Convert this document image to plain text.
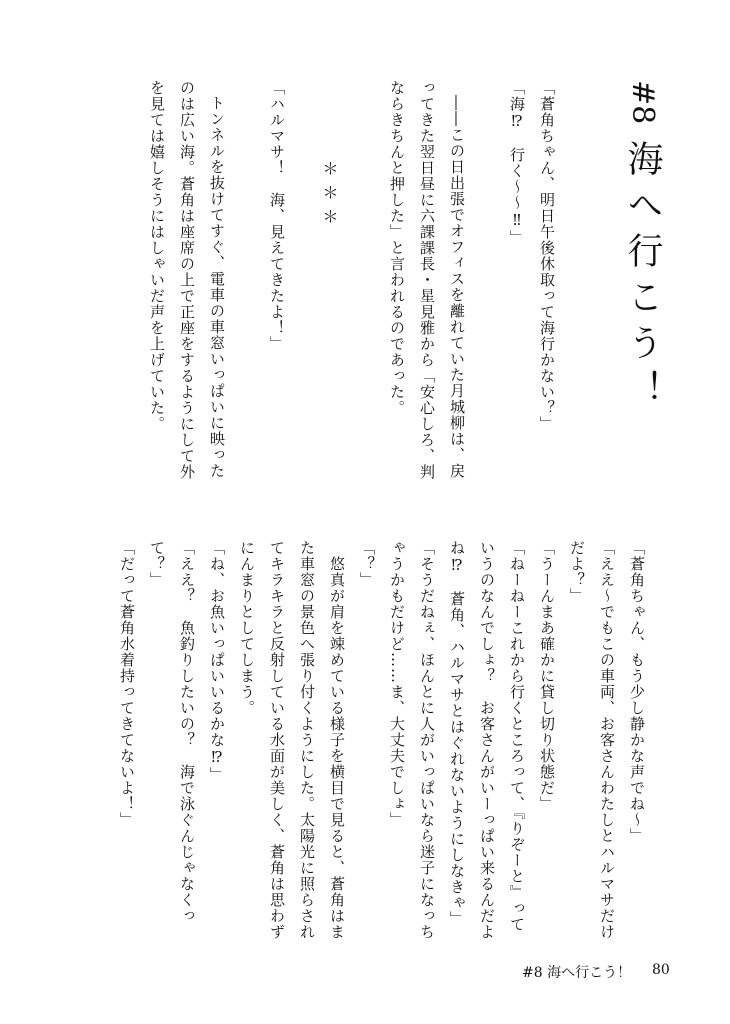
#8
海へ行こう！
「蒼角ちゃん、明日午後休取って海行かない？」
「海⁉　行く〜〜‼」
――この日出張でオフィスを離れていた月城柳は、戻
ってきた翌日昼に六課課長・星見雅から「安心しろ、判
ならきちんと押した」と言われるのであった。
＊＊＊
「ハルマサ！　海、見えてきたよ！」
トンネルを抜けてすぐ、電車の車窓いっぱいに映った
のは広い海。蒼角は座席の上で正座をするようにして外
を見ては嬉しそうにはしゃいだ声を上げていた。
「蒼角ちゃん、もう少し静かな声でね〜」
「ええ〜でもこの車両、お客さんわたしとハルマサだけ
だよ？」
「うーんまあ確かに貸し切り状態だ」
「ねーねーこれから行くところって、『りぞーと』って
いうのなんでしょ？　お客さんがいーっぱい来るんだよ
ね⁉　蒼角、ハルマサとはぐれないようにしなきゃ」
「そうだねぇ、ほんとに人がいっぱいなら迷子になっち
ゃうかもだけど……ま、大丈夫でしょ」
「？」
　悠真が肩を竦めている様子を横目で見ると、蒼角はま
た車窓の景色へ張り付くようにした。太陽光に照らされ
てキラキラと反射している水面が美しく、蒼角は思わず
にんまりとしてしまう。
「ね、お魚いっぱいいるかな⁉」
「ええ？　魚釣りしたいの？　海で泳ぐんじゃなくっ
て？」
「だって蒼角水着持ってきてないよ！」
#8 海へ行こう！ 80
